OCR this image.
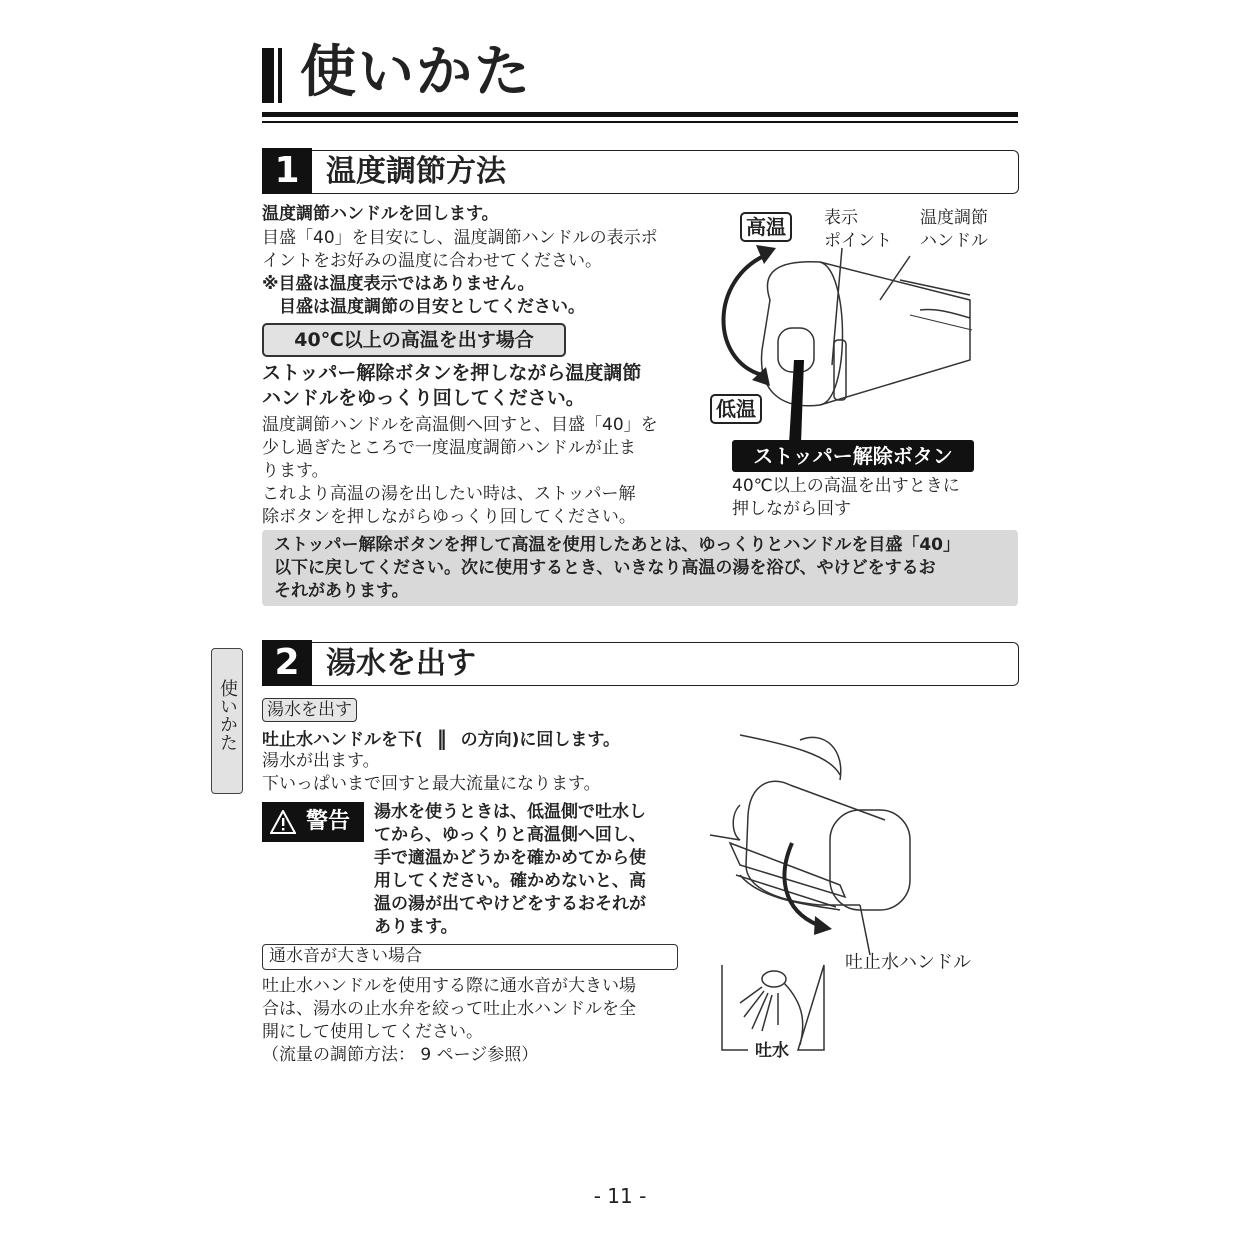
使いかた
1 温度調節方法
温度調節ハンドルを回します。
目盛「40」を目安にし、温度調節ハンドルの表示ポ
イントをお好みの温度に合わせてください。
※目盛は温度表示ではありません。
　目盛は温度調節の目安としてください。
40℃以上の高温を出す場合
ストッパー解除ボタンを押しながら温度調節
ハンドルをゆっくり回してください。
温度調節ハンドルを高温側へ回すと、目盛「40」を
少し過ぎたところで一度温度調節ハンドルが止ま
ります。
これより高温の湯を出したい時は、ストッパー解
除ボタンを押しながらゆっくり回してください。
高温
低温
表示
ポイント
温度調節
ハンドル
ストッパー解除ボタン
40℃以上の高温を出すときに
押しながら回す
ストッパー解除ボタンを押して高温を使用したあとは、ゆっくりとハンドルを目盛「40」
以下に戻してください。次に使用するとき、いきなり高温の湯を浴び、やけどをするお
それがあります。
使いかた
2 湯水を出す
湯水を出す
吐止水ハンドルを下( ‖ の方向)に回します。
湯水が出ます。
下いっぱいまで回すと最大流量になります。
警告 湯水を使うときは、低温側で吐水し
てから、ゆっくりと高温側へ回し、
手で適温かどうかを確かめてから使
用してください。確かめないと、高
温の湯が出てやけどをするおそれが
あります。
通水音が大きい場合
吐止水ハンドルを使用する際に通水音が大きい場
合は、湯水の止水弁を絞って吐止水ハンドルを全
開にして使用してください。
（流量の調節方法： 9 ページ参照）
吐止水ハンドル
吐水
- 11 -
